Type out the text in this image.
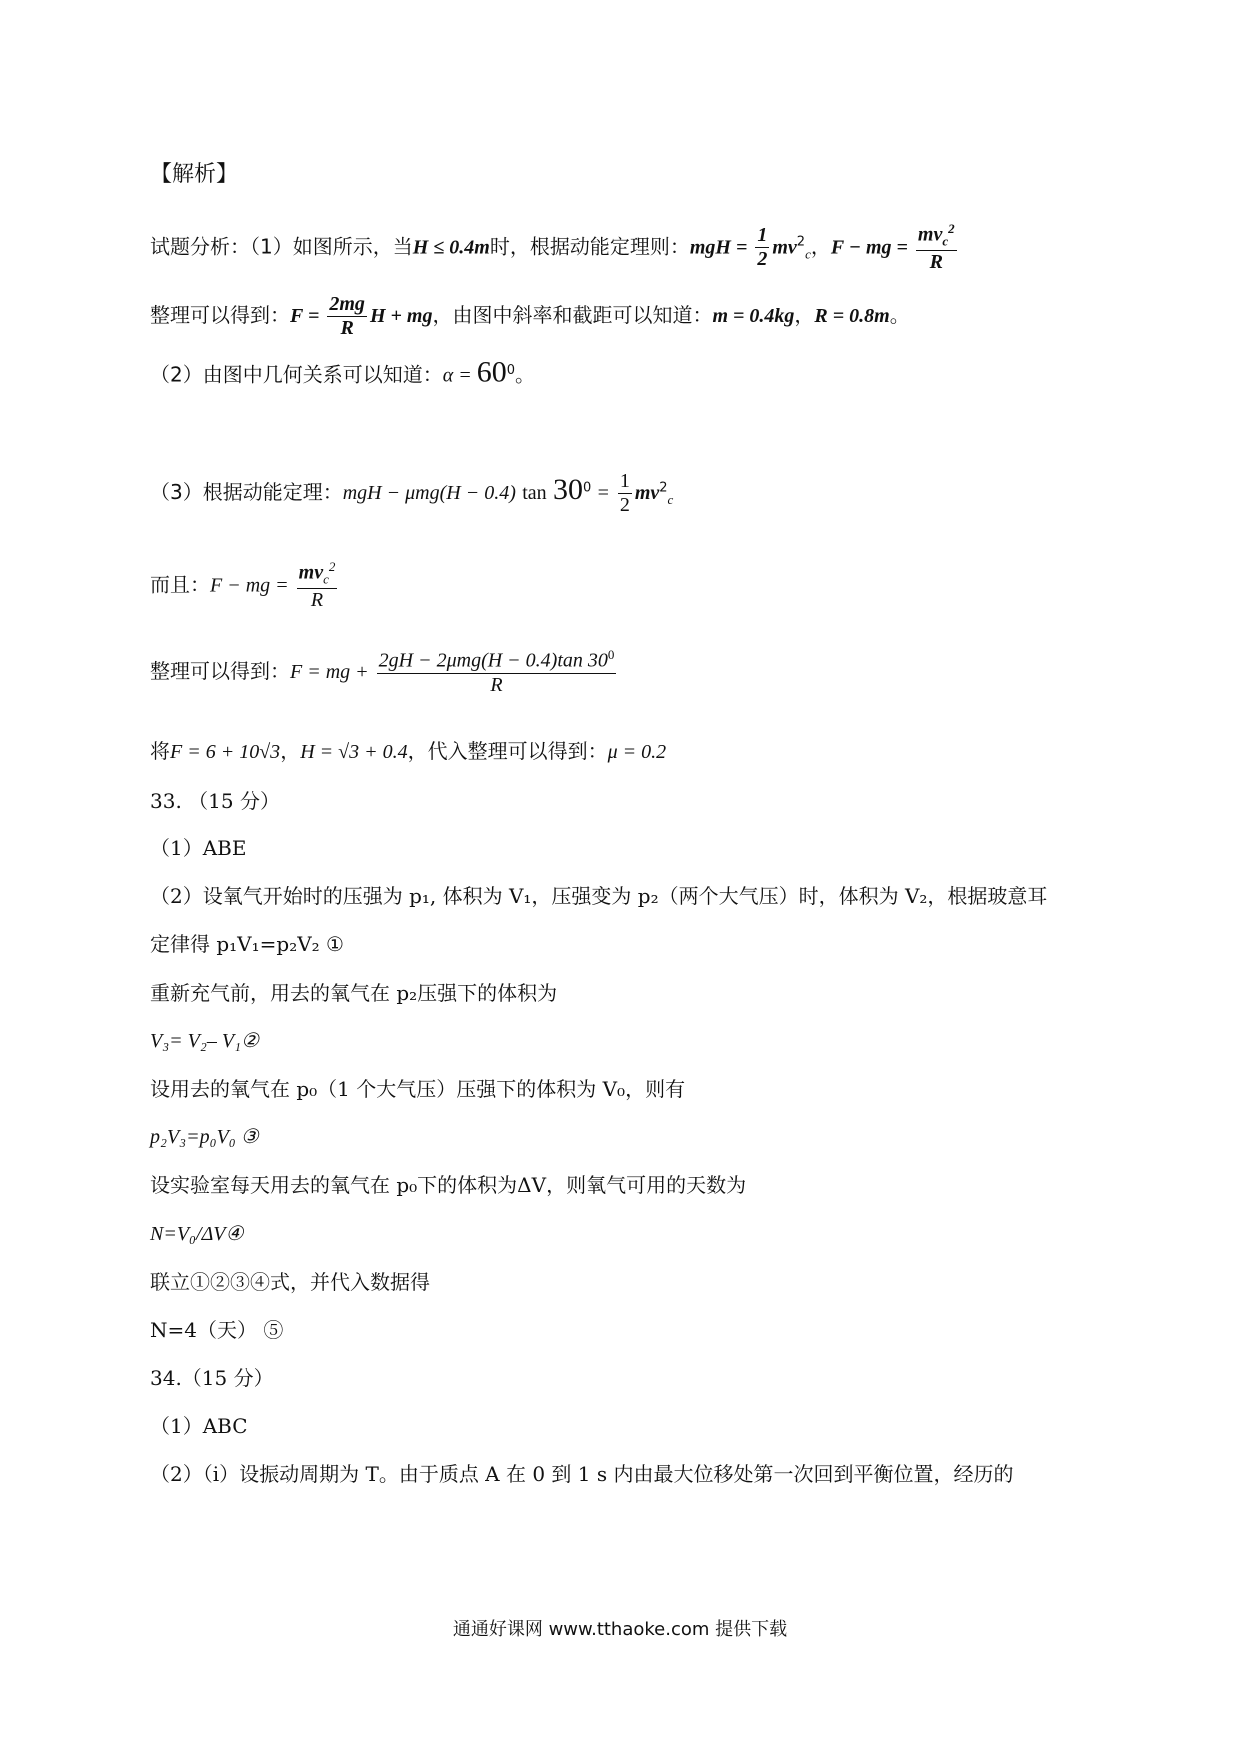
【解析】
试题分析：（1）如图所示，当H ≤ 0.4m时，根据动能定理则：mgH = $\frac{1}{2} mv^2_c$，F − mg = $\frac{mv_c^2}{R}$
整理可以得到：$F = \frac{2mg}{R}$ H + mg，由图中斜率和截距可以知道：m = 0.4kg，R = 0.8m。
（2）由图中几何关系可以知道：$\alpha = 60^0$。
（3）根据动能定理：mgH − μmg(H − 0.4) $\tan 30^0 = \frac{1}{2} mv^2_c$
而且：F − mg = $\frac{mv_c^2}{R}$
整理可以得到：F = mg + $\frac{2gH - 2\mu mg(H - 0.4)\tan 30^0}{R}$
将F = 6 + 10√3，H = √3 + 0.4，代入整理可以得到：μ = 0.2
33. （15 分）
（1）ABE
（2）设氧气开始时的压强为 p₁, 体积为 V₁，压强变为 p₂（两个大气压）时，体积为 V₂，根据玻意耳
定律得 p₁V₁=p₂V₂ ①
重新充气前，用去的氧气在 p₂压强下的体积为
V₃= V₂– V₁②
设用去的氧气在 p₀（1 个大气压）压强下的体积为 V₀，则有
p₂V₃=p₀V₀ ③
设实验室每天用去的氧气在 p₀下的体积为ΔV，则氧气可用的天数为
N=V₀/ΔV④
联立①②③④式，并代入数据得
N=4（天） ⑤
34.（15 分）
（1）ABC
（2）（i）设振动周期为 T。由于质点 A 在 0 到 1 s 内由最大位移处第一次回到平衡位置，经历的
通通好课网 www.tthaoke.com 提供下载
